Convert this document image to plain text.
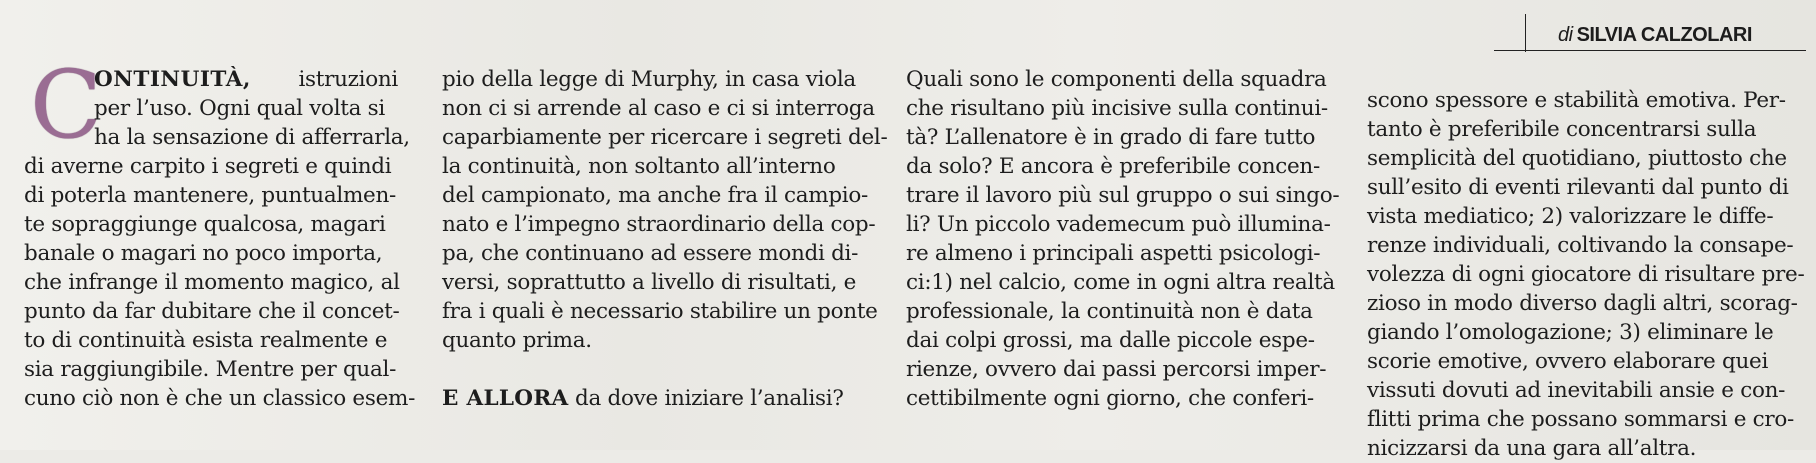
di SILVIA CALZOLARI
C
ONTINUITÀ, istruzioni
per l’uso. Ogni qual volta si
ha la sensazione di afferrarla,
di averne carpito i segreti e quindi
di poterla mantenere, puntualmen-
te sopraggiunge qualcosa, magari
banale o magari no poco importa,
che infrange il momento magico, al
punto da far dubitare che il concet-
to di continuità esista realmente e
sia raggiungibile. Mentre per qual-
cuno ciò non è che un classico esem-
pio della legge di Murphy, in casa viola
non ci si arrende al caso e ci si interroga
caparbiamente per ricercare i segreti del-
la continuità, non soltanto all’interno
del campionato, ma anche fra il campio-
nato e l’impegno straordinario della cop-
pa, che continuano ad essere mondi di-
versi, soprattutto a livello di risultati, e
fra i quali è necessario stabilire un ponte
quanto prima.
E ALLORA da dove iniziare l’analisi?
Quali sono le componenti della squadra
che risultano più incisive sulla continui-
tà? L’allenatore è in grado di fare tutto
da solo? E ancora è preferibile concen-
trare il lavoro più sul gruppo o sui singo-
li? Un piccolo vademecum può illumina-
re almeno i principali aspetti psicologi-
ci:1) nel calcio, come in ogni altra realtà
professionale, la continuità non è data
dai colpi grossi, ma dalle piccole espe-
rienze, ovvero dai passi percorsi imper-
cettibilmente ogni giorno, che conferi-
scono spessore e stabilità emotiva. Per-
tanto è preferibile concentrarsi sulla
semplicità del quotidiano, piuttosto che
sull’esito di eventi rilevanti dal punto di
vista mediatico; 2) valorizzare le diffe-
renze individuali, coltivando la consape-
volezza di ogni giocatore di risultare pre-
zioso in modo diverso dagli altri, scorag-
giando l’omologazione; 3) eliminare le
scorie emotive, ovvero elaborare quei
vissuti dovuti ad inevitabili ansie e con-
flitti prima che possano sommarsi e cro-
nicizzarsi da una gara all’altra.
